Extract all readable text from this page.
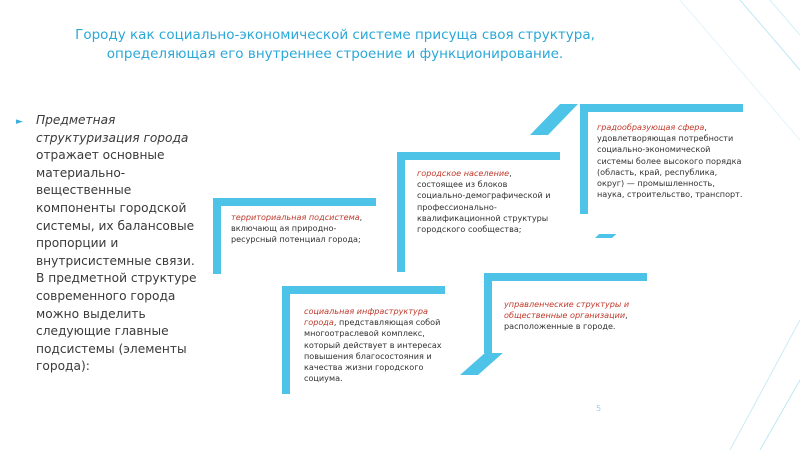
Городу как социально-экономической системе присуща своя структура, определяющая его внутреннее строение и функционирование.
► Предметная структуризация города отражает основные материально-вещественные компоненты городской системы, их балансовые пропорции и внутрисистемные связи. В предметной структуре современного города можно выделить следующие главные подсистемы (элементы города):
территориальная подсистема, включающ ая природно-ресурсный потенциал города;
городское население, состоящее из блоков социально-демографической и профессионально-квалификационной структуры городского сообщества;
градообразующая сфера, удовлетворяющая потребности социально-экономической системы более высокого порядка (область, край, республика, округ) — промышленность, наука, строительство, транспорт.
социальная инфраструктура города, представляющая собой многоотраслевой комплекс, который действует в интересах повышения благосостояния и качества жизни городского социума.
управленческие структуры и общественные организации, расположенные в городе.
5
